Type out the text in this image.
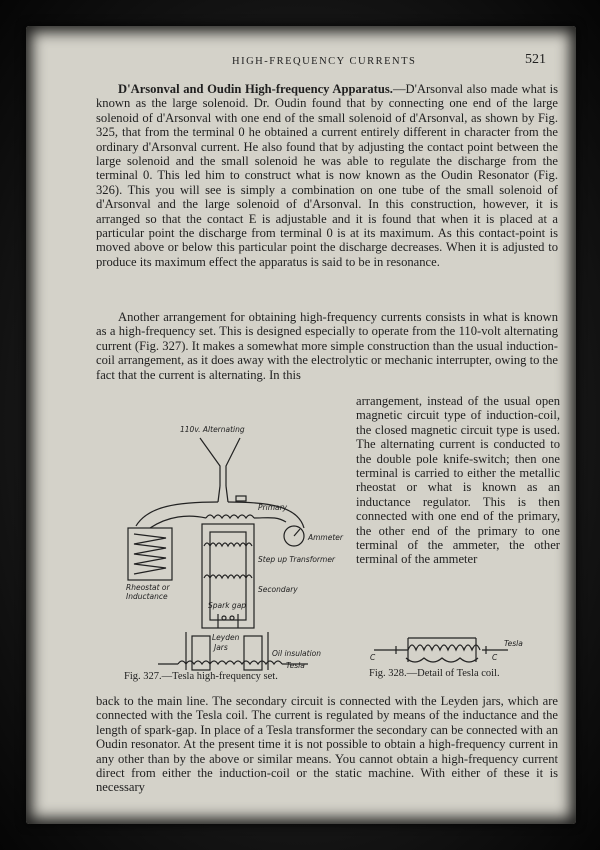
HIGH-FREQUENCY CURRENTS	521

D'Arsonval and Oudin High-frequency Apparatus.—D'Arsonval also made what is known as the large solenoid. Dr. Oudin found that by connecting one end of the large solenoid of d'Arsonval with one end of the small solenoid of d'Arsonval, as shown by Fig. 325, that from the terminal 0 he obtained a current entirely different in character from the ordinary d'Arsonval current. He also found that by adjusting the contact point between the large solenoid and the small solenoid he was able to regulate the discharge from the terminal 0. This led him to construct what is now known as the Oudin Resonator (Fig. 326). This you will see is simply a combination on one tube of the small solenoid of d'Arsonval and the large solenoid of d'Arsonval. In this construction, however, it is arranged so that the contact E is adjustable and it is found that when it is placed at a particular point the discharge from terminal 0 is at its maximum. As this contact-point is moved above or below this particular point the discharge decreases. When it is adjusted to produce its maximum effect the apparatus is said to be in resonance.

Another arrangement for obtaining high-frequency currents consists in what is known as a high-frequency set. This is designed especially to operate from the 110-volt alternating current (Fig. 327). It makes a somewhat more simple construction than the usual induction-coil arrangement, as it does away with the electrolytic or mechanic interrupter, owing to the fact that the current is alternating. In this

arrangement, instead of the usual open magnetic circuit type of induction-coil, the closed magnetic circuit type is used. The alternating current is conducted to the double pole knife-switch; then one terminal is carried to either the metallic rheostat or what is known as an inductance regulator. This is then connected with one end of the primary, the other end of the primary to one terminal of the ammeter, the other terminal of the ammeter
110v. Alternating
Primary
Ammeter
Rheostat or
Inductance
Step up Transformer
Secondary
Spark gap
Leyden
Jars
Oil insulation
Tesla
C	C
Tesla
Fig. 327.—Tesla high-frequency set.	Fig. 328.—Detail of Tesla coil.

back to the main line. The secondary circuit is connected with the Leyden jars, which are connected with the Tesla coil. The current is regulated by means of the inductance and the length of spark-gap. In place of a Tesla transformer the secondary can be connected with an Oudin resonator. At the present time it is not possible to obtain a high-frequency current in any other than by the above or similar means. You cannot obtain a high-frequency current direct from either the induction-coil or the static machine. With either of these it is necessary
